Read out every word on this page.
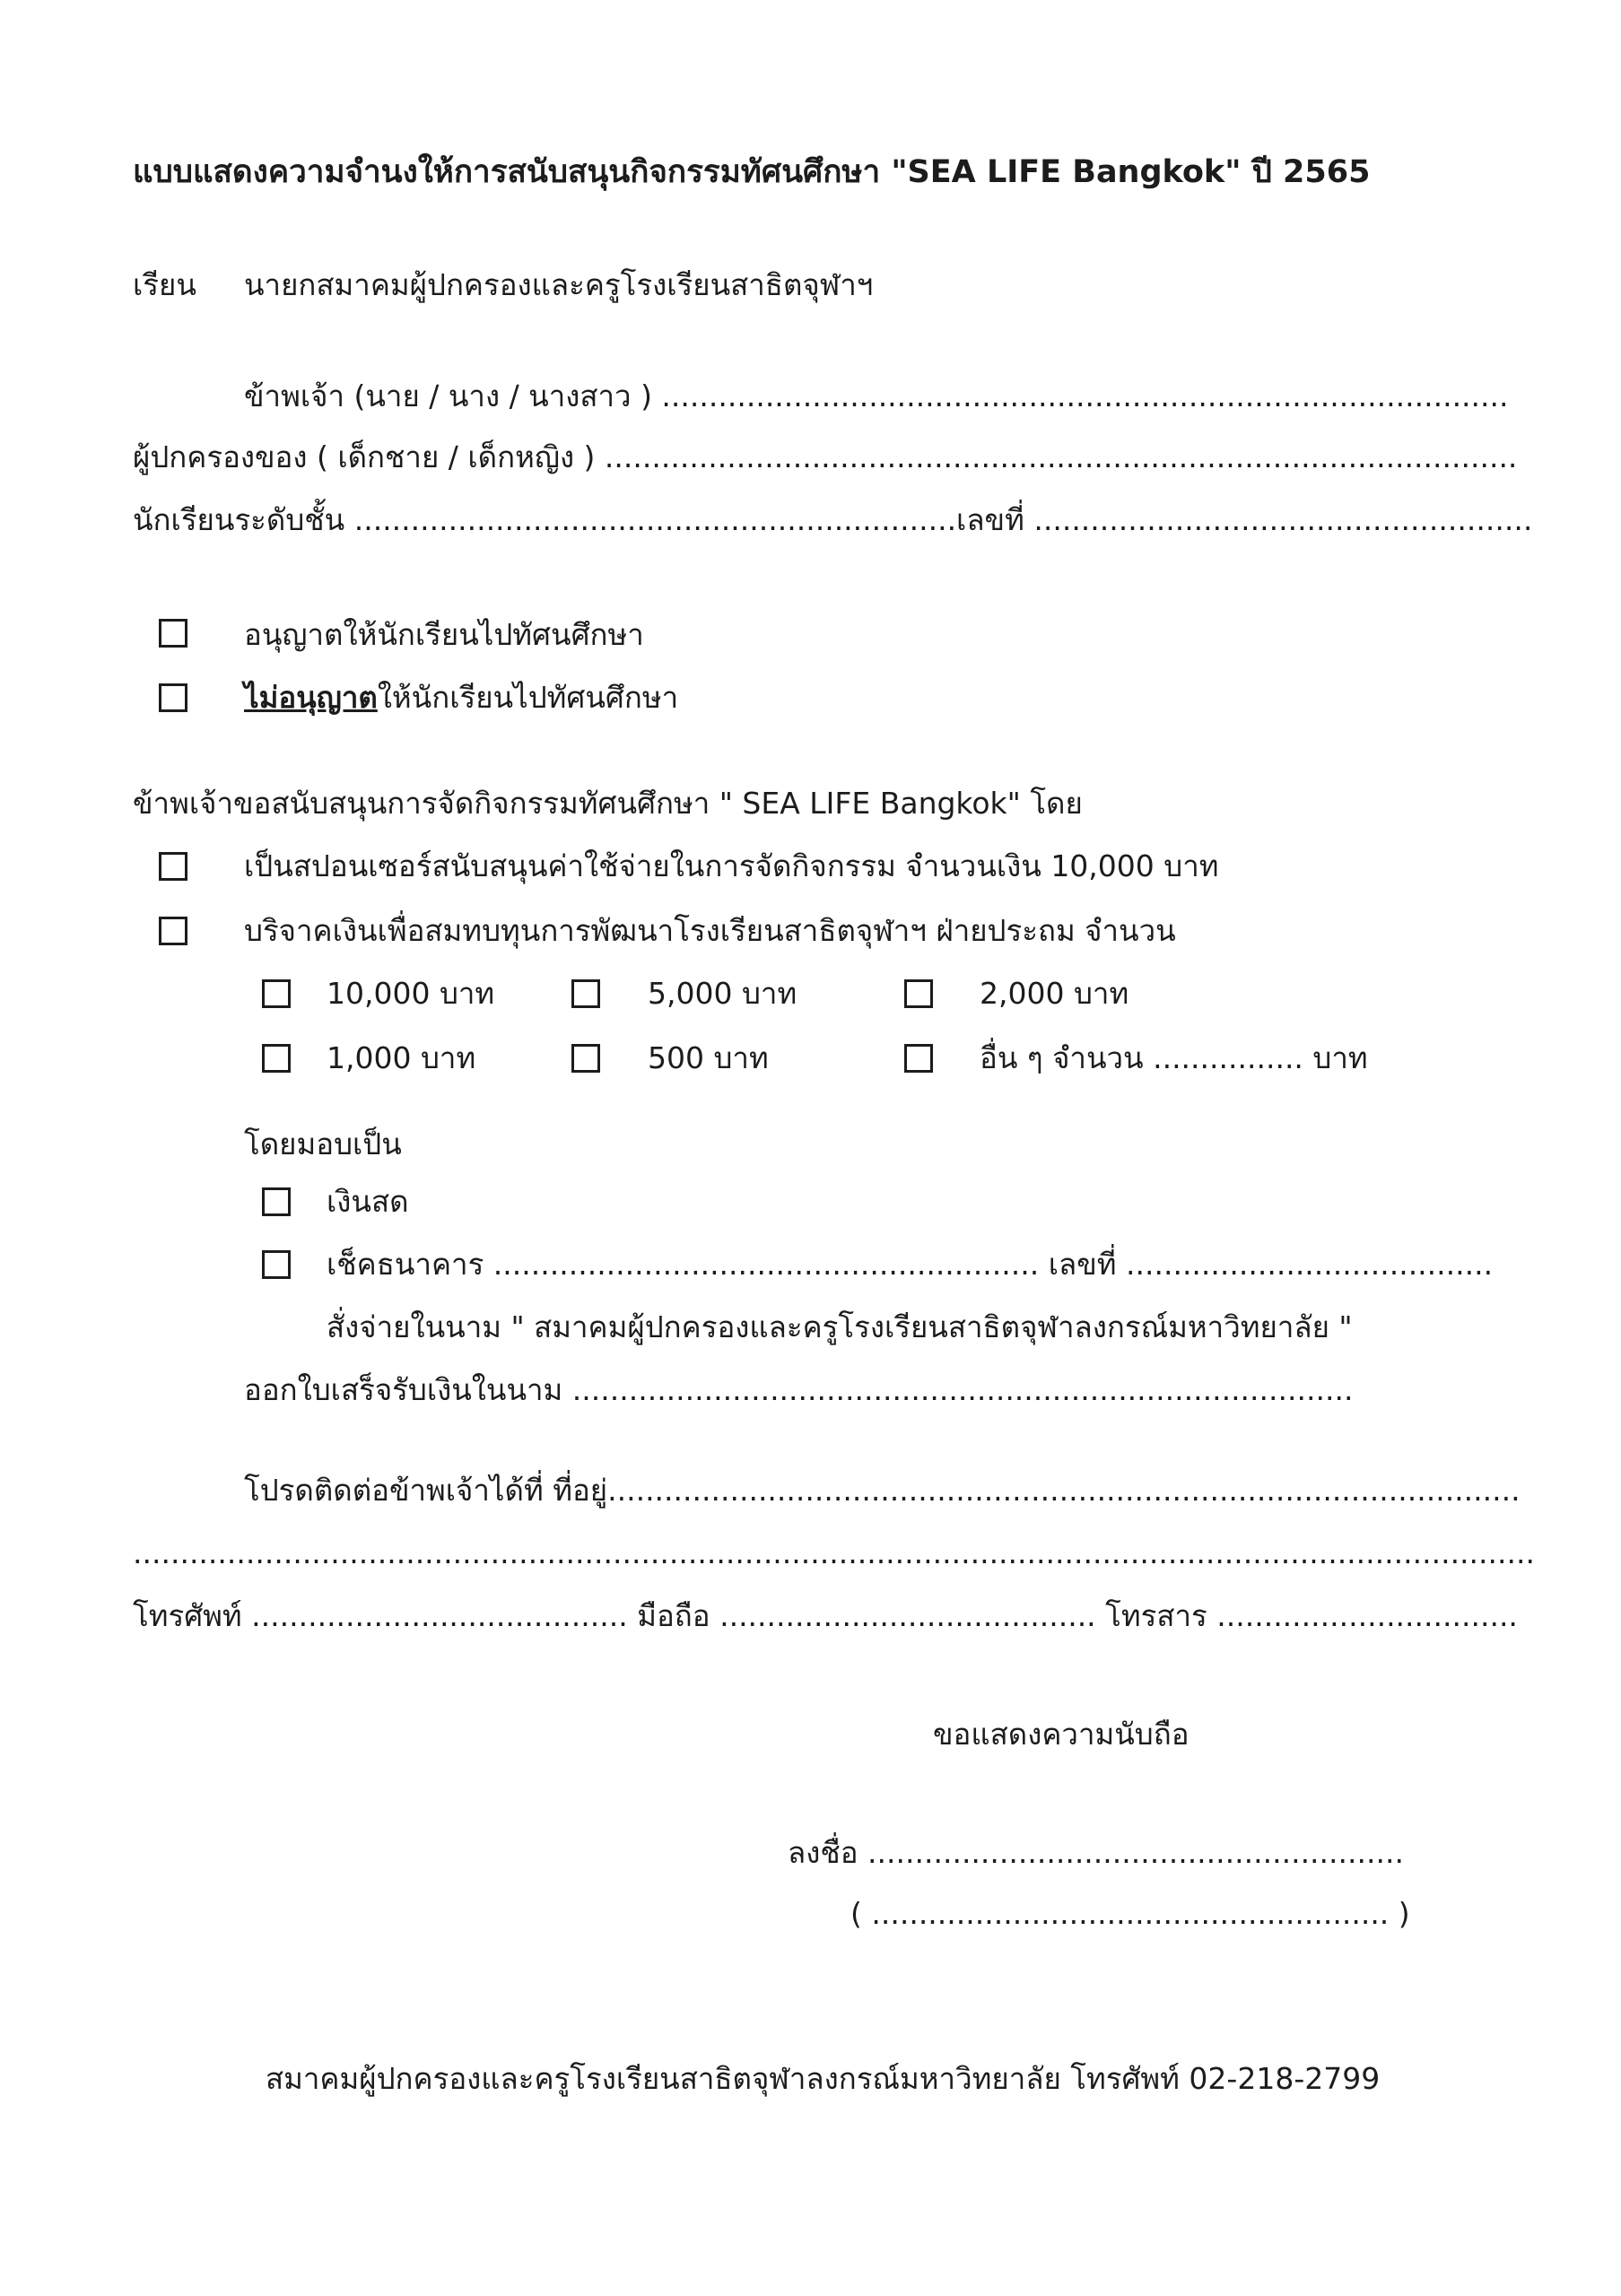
แบบแสดงความจำนงให้การสนับสนุนกิจกรรมทัศนศึกษา "SEA LIFE Bangkok" ปี 2565
เรียน นายกสมาคมผู้ปกครองและครูโรงเรียนสาธิตจุฬาฯ
ข้าพเจ้า (นาย / นาง / นางสาว ) ..........................................................................................
ผู้ปกครองของ ( เด็กชาย / เด็กหญิง ) .................................................................................................
นักเรียนระดับชั้น ................................................................เลขที่ .....................................................
อนุญาตให้นักเรียนไปทัศนศึกษา
ไม่อนุญาตให้นักเรียนไปทัศนศึกษา
ข้าพเจ้าขอสนับสนุนการจัดกิจกรรมทัศนศึกษา " SEA LIFE Bangkok" โดย
เป็นสปอนเซอร์สนับสนุนค่าใช้จ่ายในการจัดกิจกรรม จำนวนเงิน 10,000 บาท
บริจาคเงินเพื่อสมทบทุนการพัฒนาโรงเรียนสาธิตจุฬาฯ ฝ่ายประถม จำนวน
10,000 บาท	5,000 บาท	2,000 บาท
1,000 บาท	500 บาท	อื่น ๆ จำนวน ................ บาท
โดยมอบเป็น
เงินสด
เช็คธนาคาร .......................................................... เลขที่ .......................................
สั่งจ่ายในนาม " สมาคมผู้ปกครองและครูโรงเรียนสาธิตจุฬาลงกรณ์มหาวิทยาลัย "
ออกใบเสร็จรับเงินในนาม ...................................................................................
โปรดติดต่อข้าพเจ้าได้ที่ ที่อยู่.................................................................................................
.....................................................................................................................................................
โทรศัพท์ ........................................ มือถือ ........................................ โทรสาร ................................
ขอแสดงความนับถือ
ลงชื่อ .........................................................
( ....................................................... )
สมาคมผู้ปกครองและครูโรงเรียนสาธิตจุฬาลงกรณ์มหาวิทยาลัย โทรศัพท์ 02-218-2799
